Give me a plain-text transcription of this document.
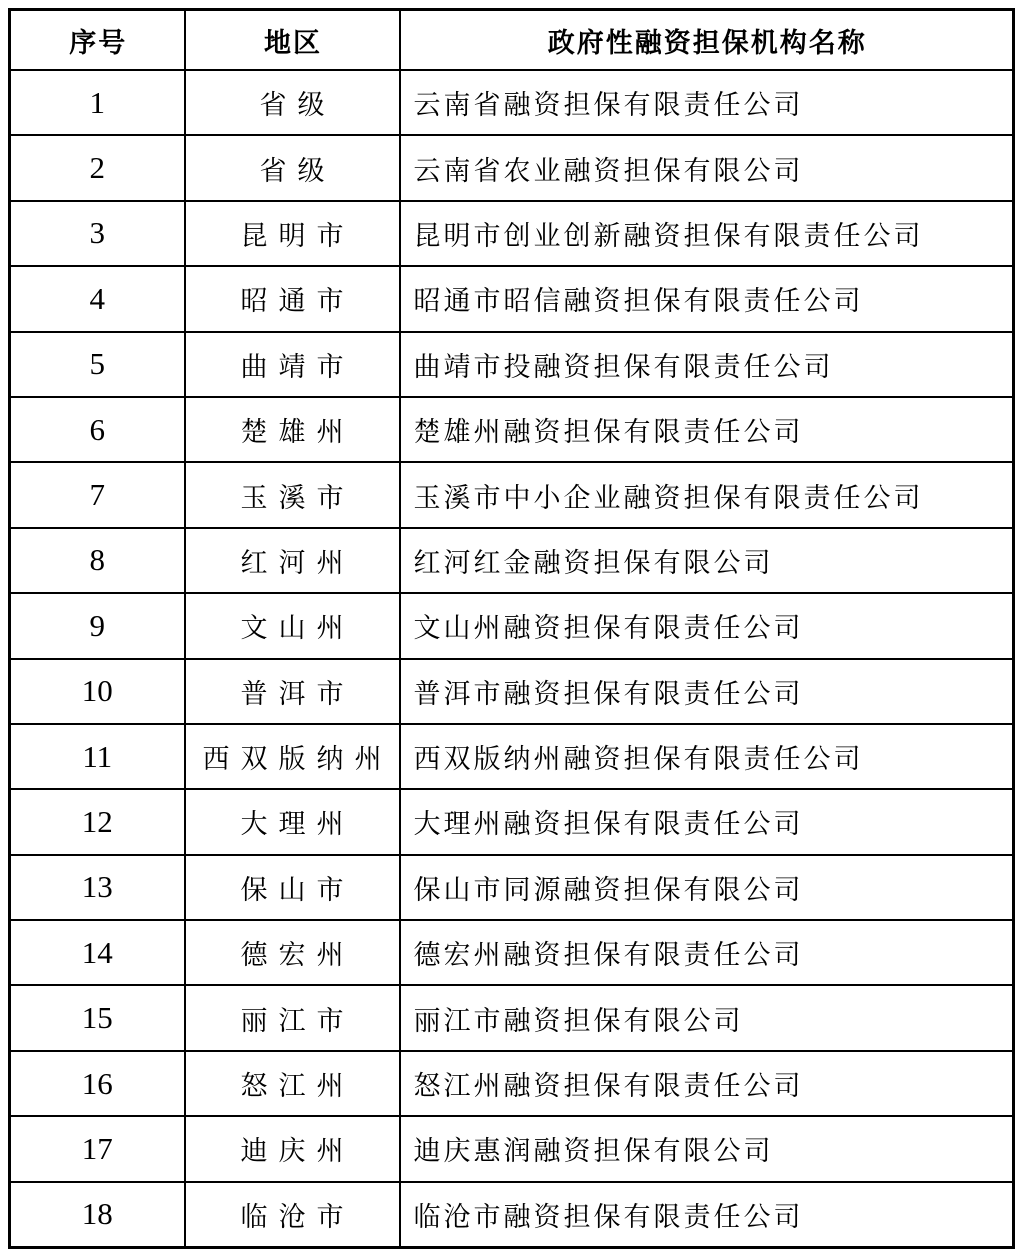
序号	地区	政府性融资担保机构名称
1	省级	云南省融资担保有限责任公司
2	省级	云南省农业融资担保有限公司
3	昆明市	昆明市创业创新融资担保有限责任公司
4	昭通市	昭通市昭信融资担保有限责任公司
5	曲靖市	曲靖市投融资担保有限责任公司
6	楚雄州	楚雄州融资担保有限责任公司
7	玉溪市	玉溪市中小企业融资担保有限责任公司
8	红河州	红河红金融资担保有限公司
9	文山州	文山州融资担保有限责任公司
10	普洱市	普洱市融资担保有限责任公司
11	西双版纳州	西双版纳州融资担保有限责任公司
12	大理州	大理州融资担保有限责任公司
13	保山市	保山市同源融资担保有限公司
14	德宏州	德宏州融资担保有限责任公司
15	丽江市	丽江市融资担保有限公司
16	怒江州	怒江州融资担保有限责任公司
17	迪庆州	迪庆惠润融资担保有限公司
18	临沧市	临沧市融资担保有限责任公司
